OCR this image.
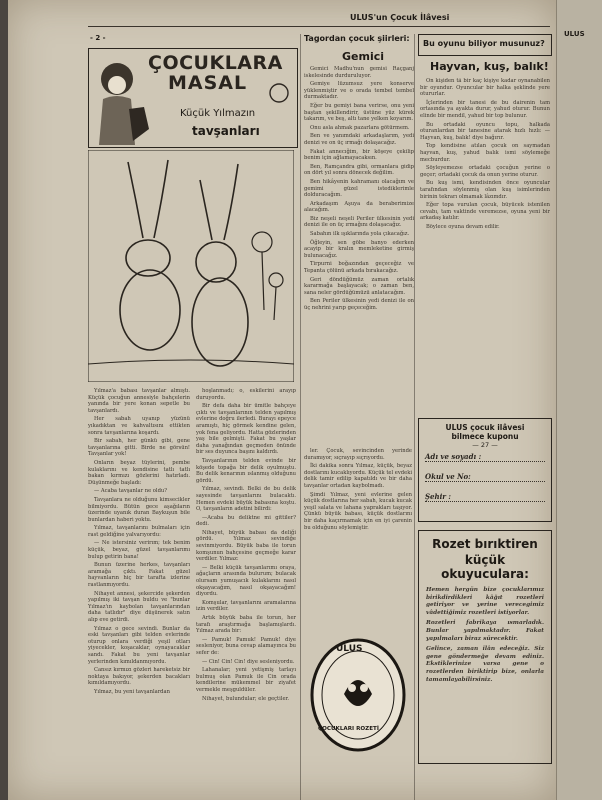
ULUS
- 2 -
ULUS'un Çocuk İlâvesi
ÇOCUKLARA
MASAL
Küçük Yılmazın
tavşanları

Yılmaz'a babası tavşanlar almıştı. Küçük çocuğun annesiyle bahçelerin yanında bir yere konan sepetle bu tavşanlardı.

Her sabah uyanıp yüzünü yıkadıktan ve kahvaltısını ettikten sonra tavşanlarına koşardı.

Bir sabah, her günkü gibi, gene tavşanlarına gitti. Birde ne görsün! Tavşanlar yok!

Onların beyaz tüylerini, pembe kulaklarını ve kendisine tatlı tatlı bakan kırmızı gözlerini hatırladı. Düşünmeğe başladı:

— Acaba tavşanlar ne oldu?

Tavşanlara ne olduğunu kimsecikler bilmiyordu. Bütün gece aşağıların üzerinde uyanık duran Baykuşun bile bunlardan haberi yoktu.

Yılmaz, tavşanlarını bulmaları için rast geldiğine yalvarıyordu:

— Ne istersiniz verirım; tek benim küçük, beyaz, güzel tavşanlarımı bulup getirin bana!

Bunun üzerine herkes, tavşanları aramağa çıktı. Fakat güzel hayvanların hiç bir tarafta izlerine rastlanmıyordu.

Nihayet annesi, şekercide şekerden yapılmış iki tavşan buldu ve "bunlar Yılmaz'ın kaybolan tavşanlarından daha tatlıdır" diye düşünerek satın alıp eve getirdi.

Yılmaz o gece sevindi. Bunlar da eski tavşanları gibi telden evlerinde oturup onlara verdiği yeşil otları yiyecekler, koşacaklar, oynayacaklar sandı. Fakat bu yeni tavşanlar yerlerinden kımıldanmıyordu.

Cansız kırmızı gözleri hareketsiz bir noktaya bakıyor, şekerden bacakları kımıldamıyordu.

Yılmaz, bu yeni tavşanlardan

hoşlanmadı; o, eskilerini arayıp duruyordu.

Bir defa daha bir ümitle bahçeye çıktı ve tavşanlarının telden yapılmış evlerine doğru ilerledi. Burayı epeyce aramıştı, hiç görmek kendine gelen, yok fena geliyordu. Hatta gözlerinden yaş bile gelmişti. Fakat bu yaşlar daha yanağından geçmeden önünde bir ses duyunca başını kaldırdı.

Tavşanlarının telden evinde bir köşede topağa bir delik oyulmuştu. Bu delik kenarının ıslanmış olduğunu gördü.

Yılmaz, sevindi. Belki de bu delik sayesinde tavşanlarını bulacaktı. Hemen evdeki büyük babasına koştu. O, tavşanların adetini bilirdi:

—Acaba bu deliktne mi gittiler? dedi.

Nihayet, büyük babası da deliği gördü. Yılmaz sevindiğe sevinmiyordu. Büyük baba ile torun komşunun bahçesine geçmeğe karar verdiler. Yılmaz:

— Belki küçük tavşanlarımı oraya, ağaçların arasında bulurum; bulacak olursam yumuşacık kulaklarını nasıl okşayacağım, nasıl okşayacağım! diyordu.

Komşular, tavşanlarını aramalarına izin verdiler.

Artık büyük baba ile torun, her tarafı araştırmağa başlamışlardı. Yılmaz arada bir:

— Pamuk! Pamuk! Pamuk! diye sesleniyor, buna cevap alamayınca bu sefer de:

— Cin! Cin! Cin! diye sesleniyordu.

Lahanalar; yeni yetişmiş tarlayı bulmuş olan Pamuk ile Cin orada kendilerine mükemmel bir ziyafet vermekle meşguldüler.

Nihayet, bulundular; ele geçtiler.

Tagordan çocuk şiirleri:
Gemici

Gemici Madhu'nun gemisi Raçganj iskelesinde durduruluyor.

Gemiye lüzumsuz yere konserve yüklenmiştir ve o orada tembel tembel durmaktadır.

Eğer bu gemiyi bana verirse, onu yeni baştan şekillendirir, üstüne yüz kürek takarım, ve beş, altı tane yelken koyarım.

Onu asla ahmak pazarlara götürmem.

Ben ve yanımdaki arkadaşlarım, yedi denizi ve on üç ırmağı dolaşacağız.

Fakat annecığim, bir köşeye çekilip benim için ağlamayacaksın.

Ben, Ramçandra gibi, ormanlara gidip on dört yıl sonra dönecek değilim.

Ben hikâyenin kahramanı olacağım ve gemimi güzel istediklerimle dolduracağım.

Arkadaşım Aşuya da beraberimize alacağım.

Biz neşeli neşeli Periler ülkesinin yedi denizi ile on üç ırmağını dolaşacağız.

Sabahın ilk ışıklarında yola çıkacağız.

Öğleyin, sen göbe banyo ederken acayip bir kralın memleketine girmiş bulunacağız.

Tirpurni boğazından geçeceğiz ve Tepanta çölünü arkada bırakacağız.

Geri döndüğümüz zaman ortalık kararmağa başlayacak; o zaman ben, sana neler gördüğümüzü anlatacağım.

Ben Periler ülkesinin yedi denizi ile on üç nehrini yarıp geçeceğim.

Bu oyunu biliyor musunuz?
Hayvan, kuş, balık!

On kişiden tâ bir kaç kişiye kadar oynanabilen bir oyundur. Oyuncular bir halka şeklinde yere otururlar.

İçlerinden bir tanesi de bu dairenin tam ortasında ya ayakta durur, yahud oturur. Bunun elinde bir mendil, yahud bir top bulunur.

Bu ortadaki oyuncu topu, halkada oturanlardan bir tanesine atarak hızlı hızlı: — Hayvan, kuş, balık! diye bağırır.

Top kendisine atılan çocuk on saymadan hayvan, kuş, yahud balık ismi söylemeğe mecburdur.

Söyleyemezse ortadaki çocuğun yerine o geçer; ortadaki çocuk da onun yerine oturur.

Bu kuş ismi, kendisinden önce oyuncular tarafından söylenmiş olan kuş isimlerinden birinin tekrarı olmamak lâzımdır.

Eğer topa vurulan çocuk, büyücek istenilen cevabı, tam vaktinde veremezse, oyuna yeni bir arkadaş katılır.

Böylece oyuna devam edilir.

ULUS çocuk ilâvesi
bilmece kuponu
— 27 —
Adı ve soyadı :
Okul ve No:
Şehir :

ler. Çocuk, sevincinden yerinde duramıyor, sıçrayıp sıçrıyordu.

İki dakika sonra Yılmaz, küçük, beyaz dostlarını kucaklıyordu. Küçük tel evdeki delik tamir edilip kapatıldı ve bir daha tavşanlar ortadan kaybolmadı.

Şimdi Yılmaz, yeni evlerine gelen küçük dostlarına her sabah, kucak kucak yeşil salata ve lahana yaprakları taşıyor. Çünkü büyük babası, küçük dostlarını bir daha kaçırmamak için en iyi çarenin bu olduğunu söylemiştir.

ULUS
ÇOCUKLARI ROZETİ
Rozet bırıktiren
küçük okuyuculara:

Hemen hergün bize çocuklarımız birikdirdikleri kâğıt rozetleri getiriyor ve yerine verecegimiz vâdettiğimiz rozetleri istiyorlar.

Rozetleri fabrikaya ısmarladık. Bunlar yapılmaktadır. Fakat yapılmaları biraz sürecektir.

Gelince, zaman ilân edeceğiz. Siz gene göndermeğe devam ediniz. Ekstiklerinize varsa gene o rozetlerden biriktirip bize, onlarla tamamlayabilirsiniz.
